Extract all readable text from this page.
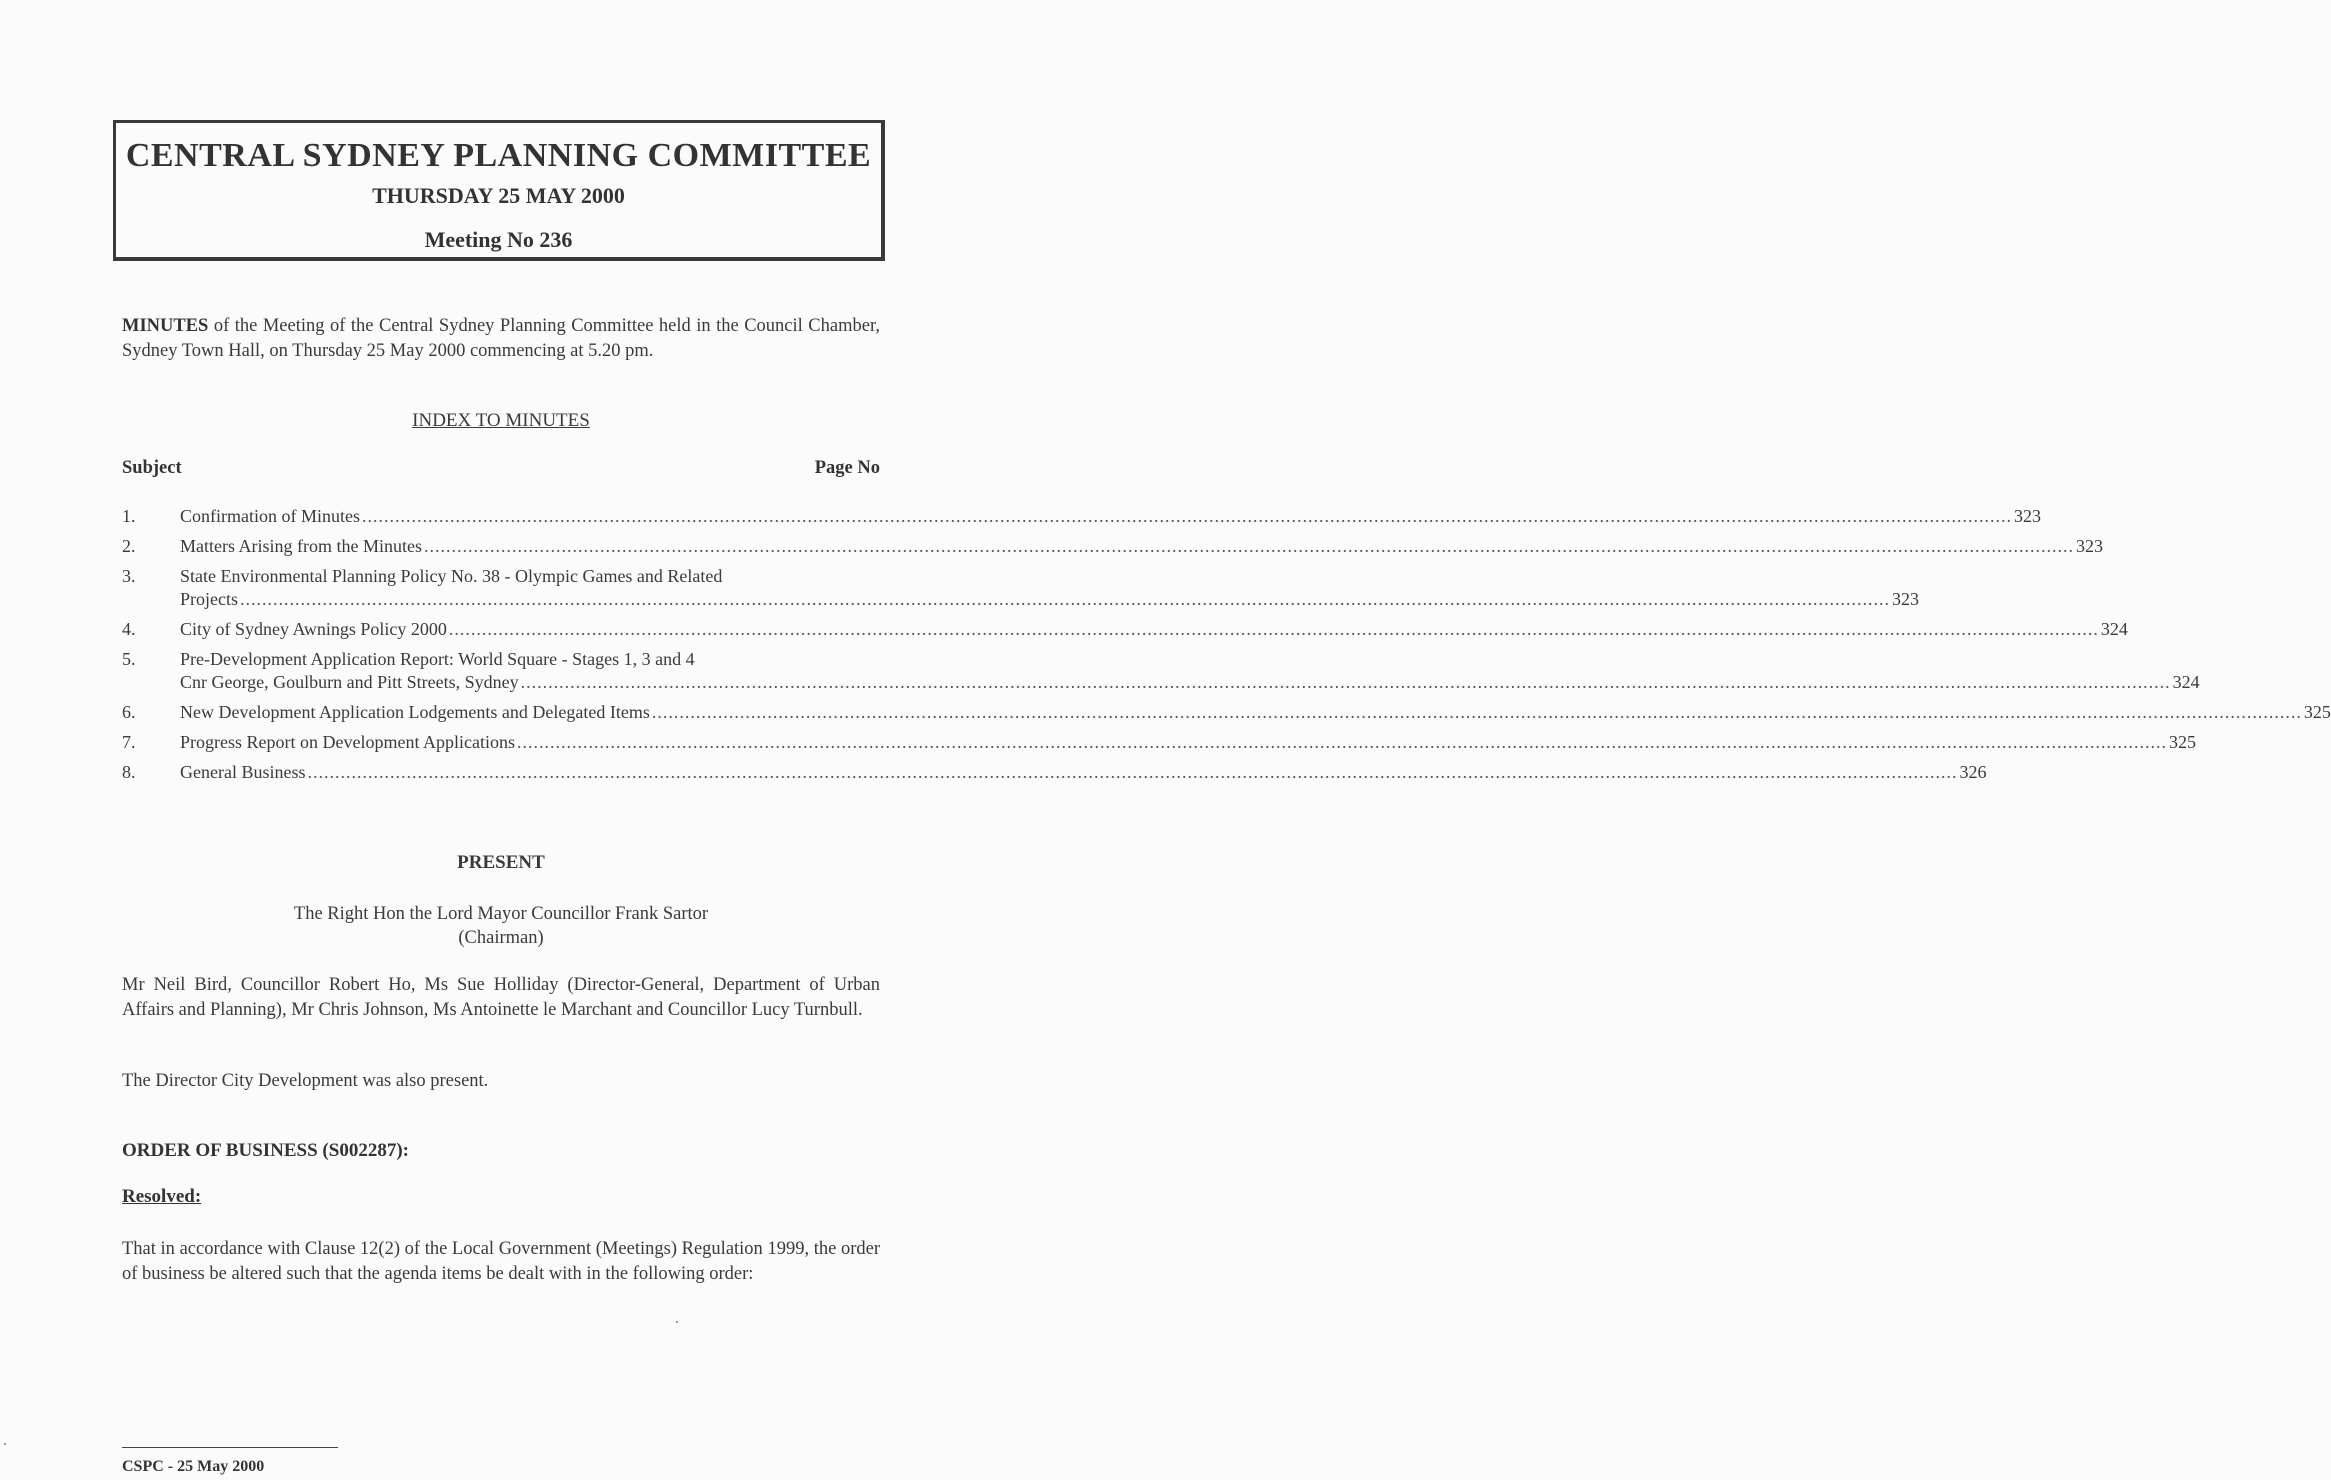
CENTRAL SYDNEY PLANNING COMMITTEE
THURSDAY 25 MAY 2000
Meeting No 236
MINUTES of the Meeting of the Central Sydney Planning Committee held in the Council Chamber, Sydney Town Hall, on Thursday 25 May 2000 commencing at 5.20 pm.
INDEX TO MINUTES
Subject	Page No
1. Confirmation of Minutes ............................................................................................................................................................................................................................................................................................................ 323
2. Matters Arising from the Minutes ............................................................................................................................................................................................................................................................................................................ 323
3. State Environmental Planning Policy No. 38 - Olympic Games and Related
Projects ............................................................................................................................................................................................................................................................................................................ 323
4. City of Sydney Awnings Policy 2000 ............................................................................................................................................................................................................................................................................................................ 324
5. Pre-Development Application Report: World Square - Stages 1, 3 and 4
Cnr George, Goulburn and Pitt Streets, Sydney ............................................................................................................................................................................................................................................................................................................ 324
6. New Development Application Lodgements and Delegated Items ............................................................................................................................................................................................................................................................................................................ 325
7. Progress Report on Development Applications ............................................................................................................................................................................................................................................................................................................ 325
8. General Business ............................................................................................................................................................................................................................................................................................................ 326
PRESENT
The Right Hon the Lord Mayor Councillor Frank Sartor
(Chairman)
Mr Neil Bird, Councillor Robert Ho, Ms Sue Holliday (Director-General, Department of Urban Affairs and Planning), Mr Chris Johnson, Ms Antoinette le Marchant and Councillor Lucy Turnbull.
The Director City Development was also present.
ORDER OF BUSINESS (S002287):
Resolved:
That in accordance with Clause 12(2) of the Local Government (Meetings) Regulation 1999, the order of business be altered such that the agenda items be dealt with in the following order:
CSPC - 25 May 2000
